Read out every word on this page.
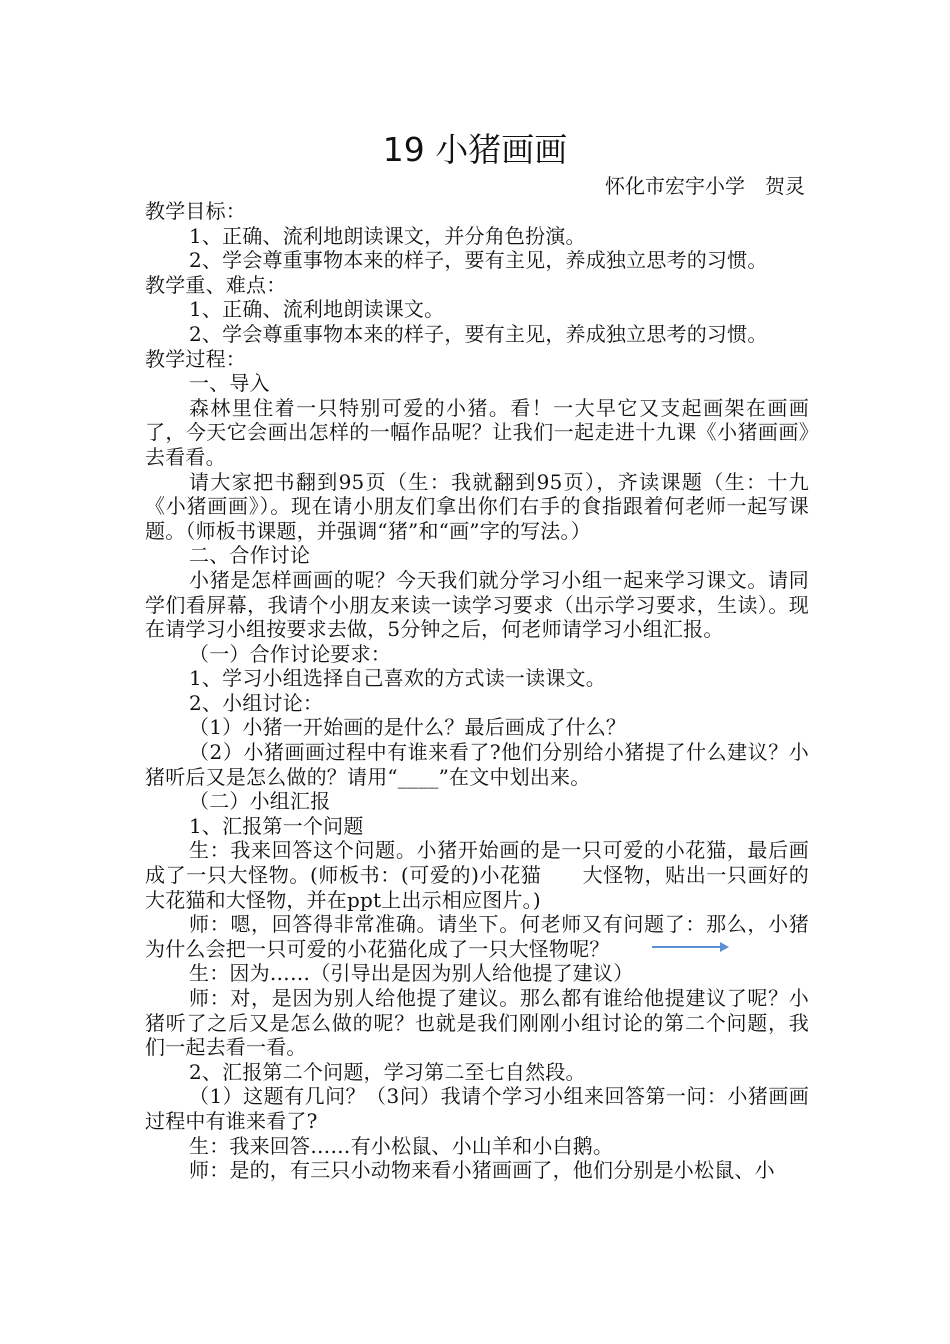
19 小猪画画
怀化市宏宇小学　贺灵

教学目标：

1、正确、流利地朗读课文，并分角色扮演。

2、学会尊重事物本来的样子，要有主见，养成独立思考的习惯。

教学重、难点：

1、正确、流利地朗读课文。

2、学会尊重事物本来的样子，要有主见，养成独立思考的习惯。

教学过程：

一、导入

森林里住着一只特别可爱的小猪。看！一大早它又支起画架在画画了，今天它会画出怎样的一幅作品呢？让我们一起走进十九课《小猪画画》去看看。

请大家把书翻到95页（生：我就翻到95页），齐读课题（生：十九《小猪画画》）。现在请小朋友们拿出你们右手的食指跟着何老师一起写课题。（师板书课题，并强调“猪”和“画”字的写法。）

二、合作讨论

小猪是怎样画画的呢？今天我们就分学习小组一起来学习课文。请同学们看屏幕，我请个小朋友来读一读学习要求（出示学习要求，生读）。现在请学习小组按要求去做，5分钟之后，何老师请学习小组汇报。

（一）合作讨论要求：

1、学习小组选择自己喜欢的方式读一读课文。

2、小组讨论：

（1）小猪一开始画的是什么？最后画成了什么？

（2）小猪画画过程中有谁来看了?他们分别给小猪提了什么建议？小猪听后又是怎么做的？请用“____”在文中划出来。

（二）小组汇报

1、汇报第一个问题

生：我来回答这个问题。小猪开始画的是一只可爱的小花猫，最后画成了一只大怪物。(师板书：(可爱的)小花猫　　大怪物，贴出一只画好的大花猫和大怪物，并在ppt上出示相应图片。)

师：嗯，回答得非常准确。请坐下。何老师又有问题了：那么，小猪为什么会把一只可爱的小花猫化成了一只大怪物呢？

生：因为……（引导出是因为别人给他提了建议）

师：对，是因为别人给他提了建议。那么都有谁给他提建议了呢？小猪听了之后又是怎么做的呢？也就是我们刚刚小组讨论的第二个问题，我们一起去看一看。

2、汇报第二个问题，学习第二至七自然段。

（1）这题有几问？（3问）我请个学习小组来回答第一问：小猪画画过程中有谁来看了?

生：我来回答……有小松鼠、小山羊和小白鹅。

师：是的，有三只小动物来看小猪画画了，他们分别是小松鼠、小
